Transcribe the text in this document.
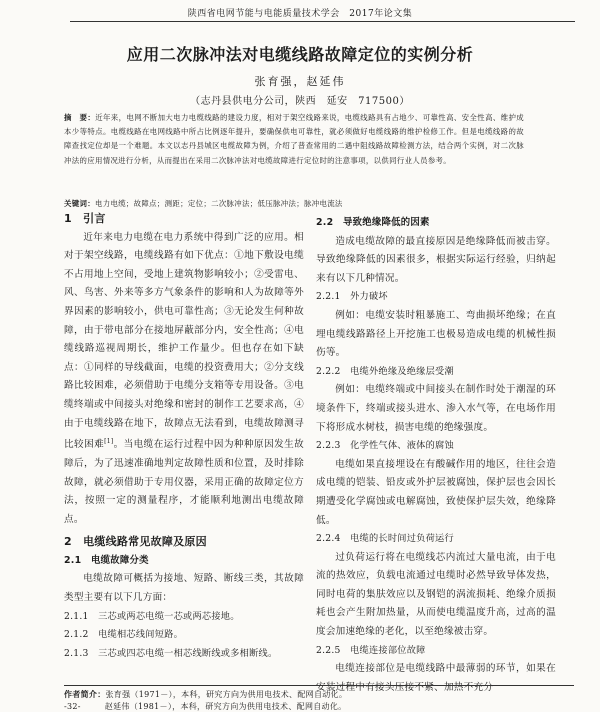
陕西省电网节能与电能质量技术学会　2017年论文集
应用二次脉冲法对电缆线路故障定位的实例分析
张育强，赵延伟
（志丹县供电分公司，陕西　延安　717500）
摘　要：近年来，电网不断加大电力电缆线路的建设力度，相对于架空线路来说，电缆线路具有占地少、可靠性高、安全性高、维护成本少等特点。电缆线路在电网线路中所占比例逐年提升，要确保供电可靠性，就必须做好电缆线路的维护检修工作。但是电缆线路的故障查找定位却是一个难题。本文以志丹县城区电缆故障为例，介绍了普查常用的二遇中阻线路故障检测方法，结合两个实例，对二次脉冲法的应用情况进行分析，从而提出在采用二次脉冲法对电缆故障进行定位时的注意事项，以供同行业人员参考。
关键词：电力电缆；故障点；测距；定位；二次脉冲法；低压脉冲法；脉冲电流法

1　引言

近年来电力电缆在电力系统中得到广泛的应用。相对于架空线路，电缆线路有如下优点：①地下敷设电缆不占用地上空间，受地上建筑物影响较小；②受雷电、风、鸟害、外来等多方气象条件的影响和人为故障等外界因素的影响较小，供电可靠性高；③无论发生何种故障，由于带电部分在接地屏蔽部分内，安全性高；④电缆线路巡视周期长，维护工作量少。但也存在如下缺点：①同样的导线截面，电缆的投资费用大；②分支线路比较困难，必须借助于电缆分支箱等专用设备。③电缆终端或中间接头对绝缘和密封的制作工艺要求高，④由于电缆线路在地下，故障点无法看到，电缆故障测寻比较困难[1]。当电缆在运行过程中因为种种原因发生故障后，为了迅速准确地判定故障性质和位置，及时排除故障，就必须借助于专用仪器，采用正确的故障定位方法，按照一定的测量程序，才能顺利地测出电缆故障点。

2　电缆线路常见故障及原因

2.1　电缆故障分类

电缆故障可概括为接地、短路、断线三类，其故障类型主要有以下几方面：

2.1.1　三芯或两芯电缆一芯或两芯接地。

2.1.2　电缆相芯线间短路。

2.1.3　三芯或四芯电缆一相芯线断线或多相断线。

2.2　导致绝缘降低的因素

造成电缆故障的最直接原因是绝缘降低而被击穿。导致绝缘降低的因素很多，根据实际运行经验，归纳起来有以下几种情况。

2.2.1　外力破坏

例如：电缆安装时粗暴施工、弯曲损坏绝缘；在直埋电缆线路路径上开挖施工也极易造成电缆的机械性损伤等。

2.2.2　电缆外绝缘及绝缘层受潮

例如：电缆终端或中间接头在制作时处于潮湿的环境条件下，终端或接头进水、渗入水气等，在电场作用下将形成水树枝，损害电缆的绝缘强度。

2.2.3　化学性气体、液体的腐蚀

电缆如果直接埋设在有酸碱作用的地区，往往会造成电缆的铠装、铅皮或外护层被腐蚀，保护层也会因长期遭受化学腐蚀或电解腐蚀，致使保护层失效，绝缘降低。

2.2.4　电缆的长时间过负荷运行

过负荷运行将在电缆线芯内流过大量电流，由于电流的热效应，负载电流通过电缆时必然导致导体发热，同时电荷的集肤效应以及钢铠的涡流损耗、绝缘介质损耗也会产生附加热量，从而使电缆温度升高，过高的温度会加速绝缘的老化，以至绝缘被击穿。

2.2.5　电缆连接部位故障

电缆连接部位是电缆线路中最薄弱的环节，如果在安装过程中有接头压接不紧、加热不充分

作者简介：张育强（1971－），本科，研究方向为供用电技术、配网自动化。
-32-	赵延伟（1981－），本科，研究方向为供用电技术、配网自动化。
